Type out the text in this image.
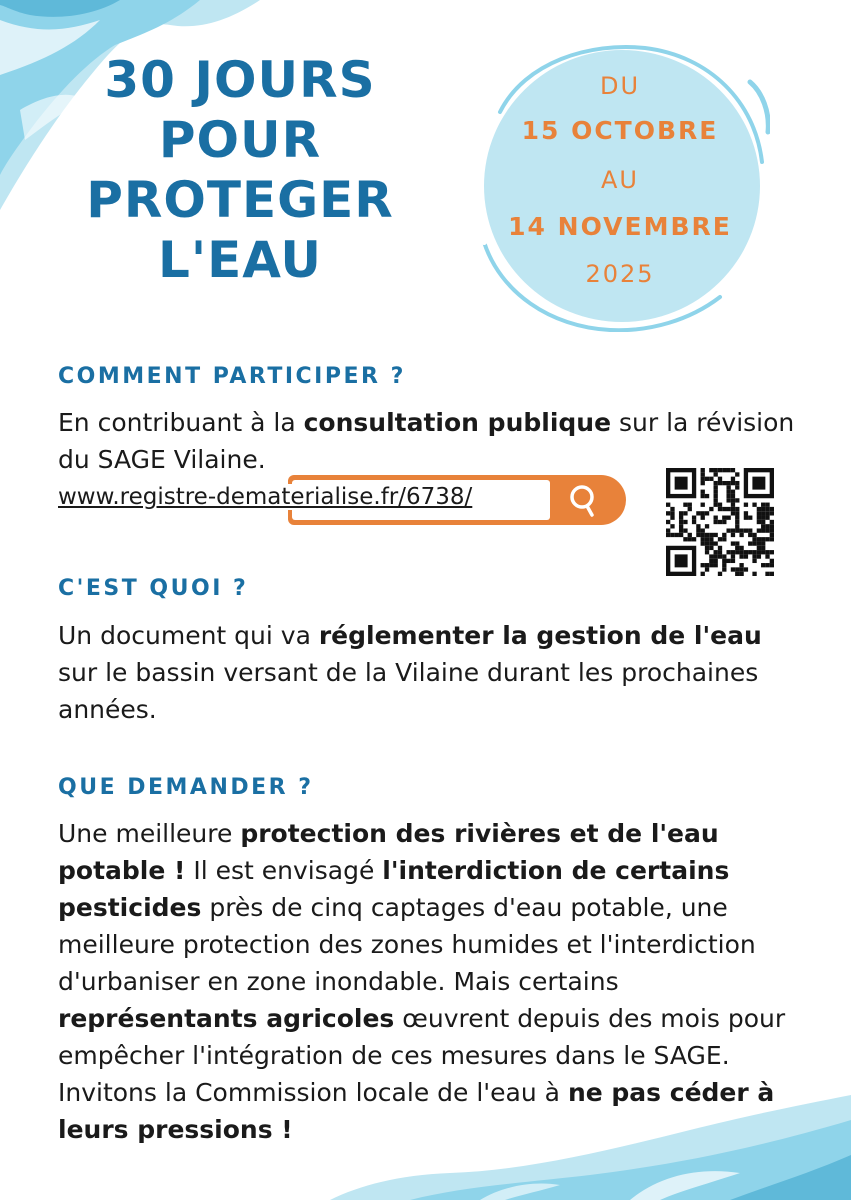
30 JOURS
POUR
PROTEGER
L'EAU
DU
15 OCTOBRE
AU
14 NOVEMBRE
2025
COMMENT PARTICIPER ?

En contribuant à la consultation publique sur la révision du SAGE Vilaine.

www.registre-dematerialise.fr/6738/
C'EST QUOI ?

Un document qui va réglementer la gestion de l'eau sur le bassin versant de la Vilaine durant les prochaines années.

QUE DEMANDER ?

Une meilleure protection des rivières et de l'eau potable ! Il est envisagé l'interdiction de certains pesticides près de cinq captages d'eau potable, une meilleure protection des zones humides et l'interdiction d'urbaniser en zone inondable. Mais certains représentants agricoles œuvrent depuis des mois pour empêcher l'intégration de ces mesures dans le SAGE. Invitons la Commission locale de l'eau à ne pas céder à leurs pressions !
